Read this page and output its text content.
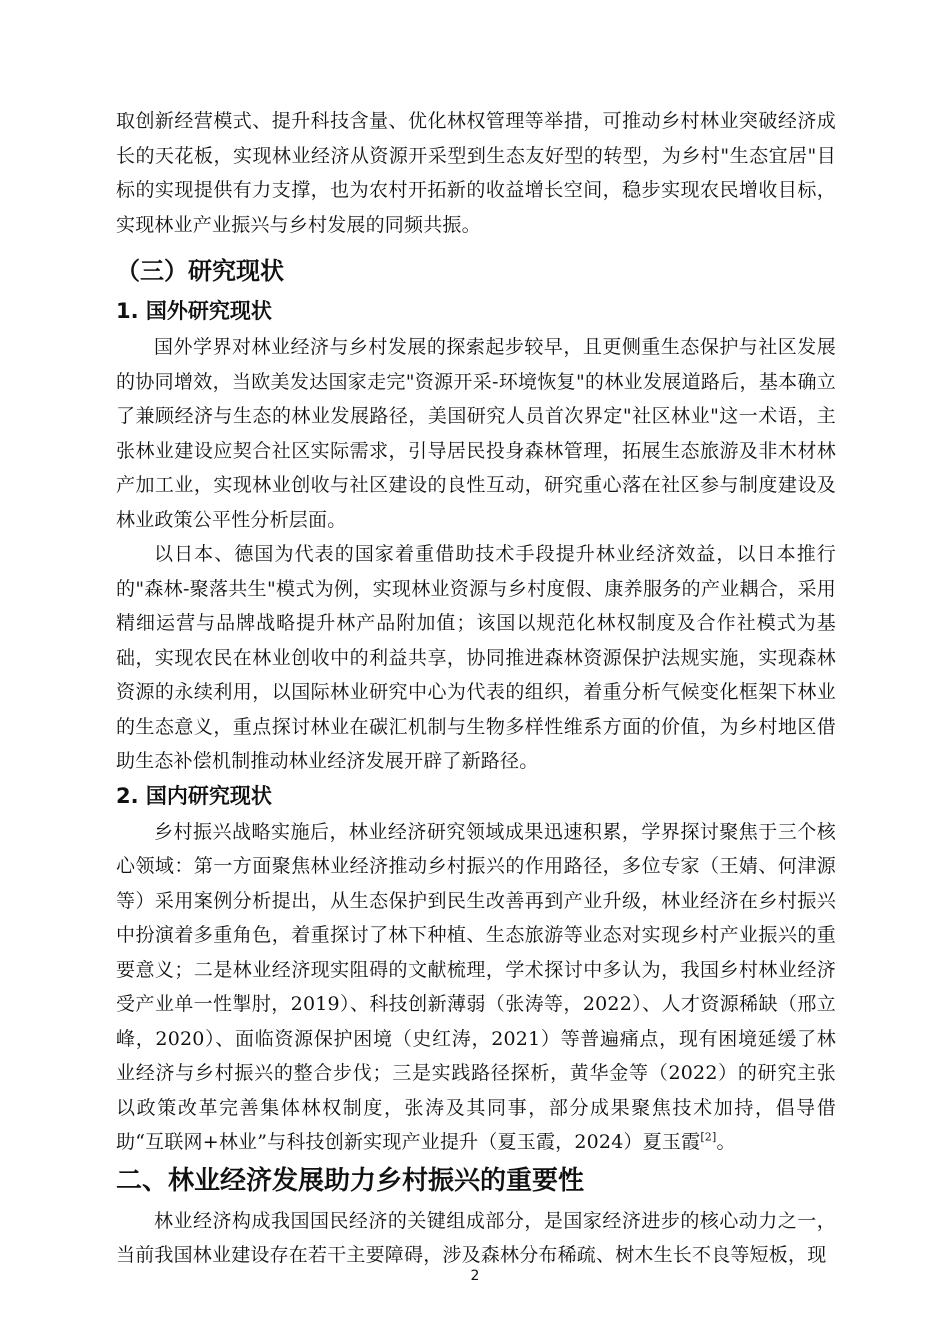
取创新经营模式、提升科技含量、优化林权管理等举措，可推动乡村林业突破经济成长的天花板，实现林业经济从资源开采型到生态友好型的转型，为乡村"生态宜居"目标的实现提供有力支撑，也为农村开拓新的收益增长空间，稳步实现农民增收目标，实现林业产业振兴与乡村发展的同频共振。

（三）研究现状
1. 国外研究现状

国外学界对林业经济与乡村发展的探索起步较早，且更侧重生态保护与社区发展的协同增效，当欧美发达国家走完"资源开采-环境恢复"的林业发展道路后，基本确立了兼顾经济与生态的林业发展路径，美国研究人员首次界定"社区林业"这一术语，主张林业建设应契合社区实际需求，引导居民投身森林管理，拓展生态旅游及非木材林产加工业，实现林业创收与社区建设的良性互动，研究重心落在社区参与制度建设及林业政策公平性分析层面。

以日本、德国为代表的国家着重借助技术手段提升林业经济效益，以日本推行的"森林-聚落共生"模式为例，实现林业资源与乡村度假、康养服务的产业耦合，采用精细运营与品牌战略提升林产品附加值；该国以规范化林权制度及合作社模式为基础，实现农民在林业创收中的利益共享，协同推进森林资源保护法规实施，实现森林资源的永续利用，以国际林业研究中心为代表的组织，着重分析气候变化框架下林业的生态意义，重点探讨林业在碳汇机制与生物多样性维系方面的价值，为乡村地区借助生态补偿机制推动林业经济发展开辟了新路径。

2. 国内研究现状

乡村振兴战略实施后，林业经济研究领域成果迅速积累，学界探讨聚焦于三个核心领域：第一方面聚焦林业经济推动乡村振兴的作用路径，多位专家（王婧、何津源等）采用案例分析提出，从生态保护到民生改善再到产业升级，林业经济在乡村振兴中扮演着多重角色，着重探讨了林下种植、生态旅游等业态对实现乡村产业振兴的重要意义；二是林业经济现实阻碍的文献梳理，学术探讨中多认为，我国乡村林业经济受产业单一性掣肘，2019）、科技创新薄弱（张涛等，2022）、人才资源稀缺（邢立峰，2020）、面临资源保护困境（史红涛，2021）等普遍痛点，现有困境延缓了林业经济与乡村振兴的整合步伐；三是实践路径探析，黄华金等（2022）的研究主张以政策改革完善集体林权制度，张涛及其同事，部分成果聚焦技术加持，倡导借助“互联网+林业”与科技创新实现产业提升（夏玉霞，2024）夏玉霞[2]。

二、林业经济发展助力乡村振兴的重要性

林业经济构成我国国民经济的关键组成部分，是国家经济进步的核心动力之一，当前我国林业建设存在若干主要障碍，涉及森林分布稀疏、树木生长不良等短板，现

2
